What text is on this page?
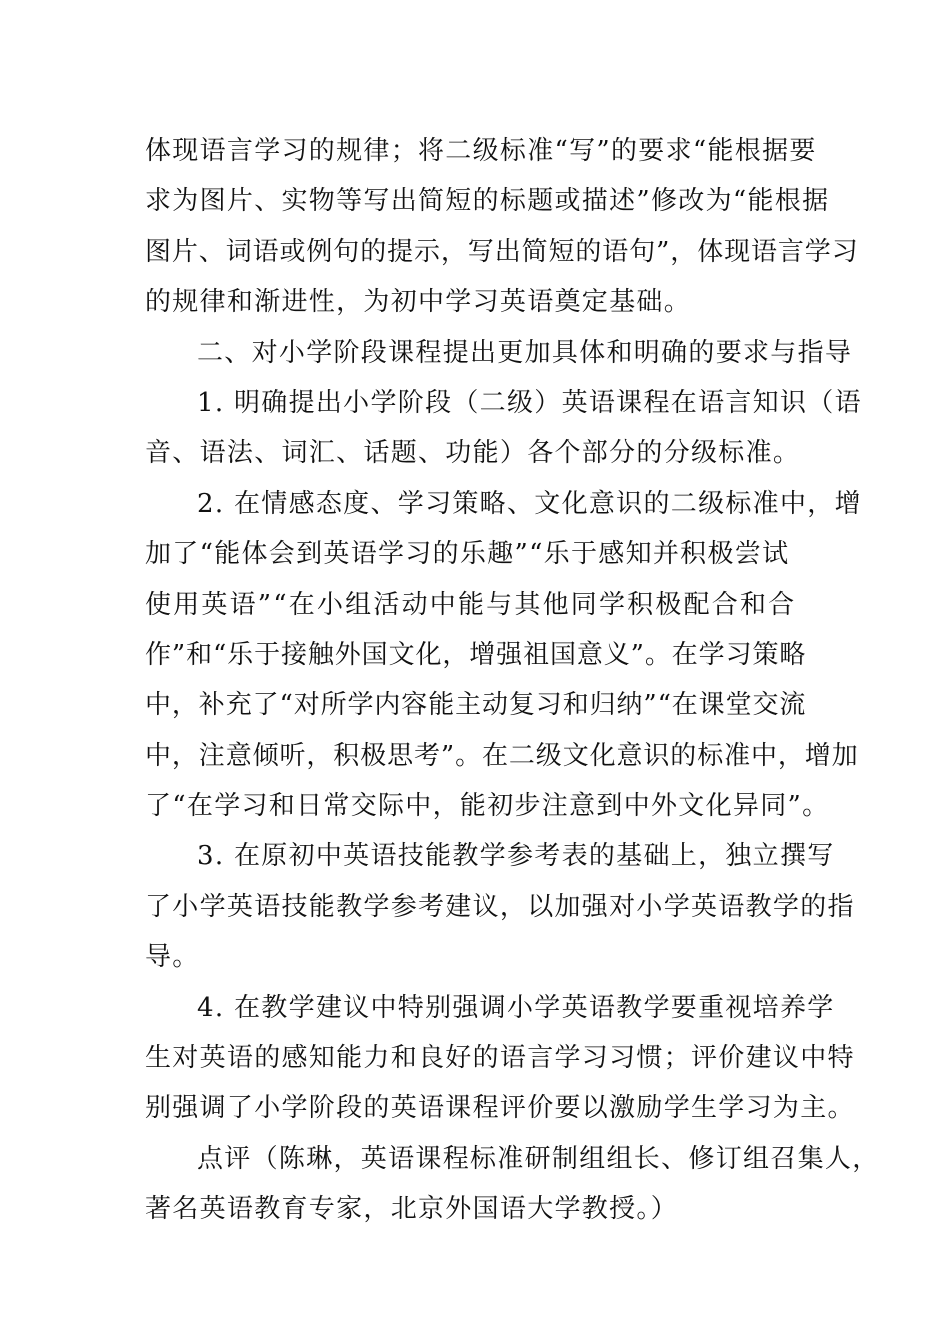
体现语言学习的规律；将二级标准“写”的要求“能根据要
求为图片、实物等写出简短的标题或描述”修改为“能根据
图片、词语或例句的提示，写出简短的语句”，体现语言学习
的规律和渐进性，为初中学习英语奠定基础。
二、对小学阶段课程提出更加具体和明确的要求与指导
1. 明确提出小学阶段（二级）英语课程在语言知识（语
音、语法、词汇、话题、功能）各个部分的分级标准。
2. 在情感态度、学习策略、文化意识的二级标准中，增
加了“能体会到英语学习的乐趣”“乐于感知并积极尝试
使用英语”“在小组活动中能与其他同学积极配合和合
作”和“乐于接触外国文化，增强祖国意义”。在学习策略
中，补充了“对所学内容能主动复习和归纳”“在课堂交流
中，注意倾听，积极思考”。在二级文化意识的标准中，增加
了“在学习和日常交际中，能初步注意到中外文化异同”。
3. 在原初中英语技能教学参考表的基础上，独立撰写
了小学英语技能教学参考建议，以加强对小学英语教学的指
导。
4. 在教学建议中特别强调小学英语教学要重视培养学
生对英语的感知能力和良好的语言学习习惯；评价建议中特
别强调了小学阶段的英语课程评价要以激励学生学习为主。
点评（陈琳，英语课程标准研制组组长、修订组召集人，
著名英语教育专家，北京外国语大学教授。）
